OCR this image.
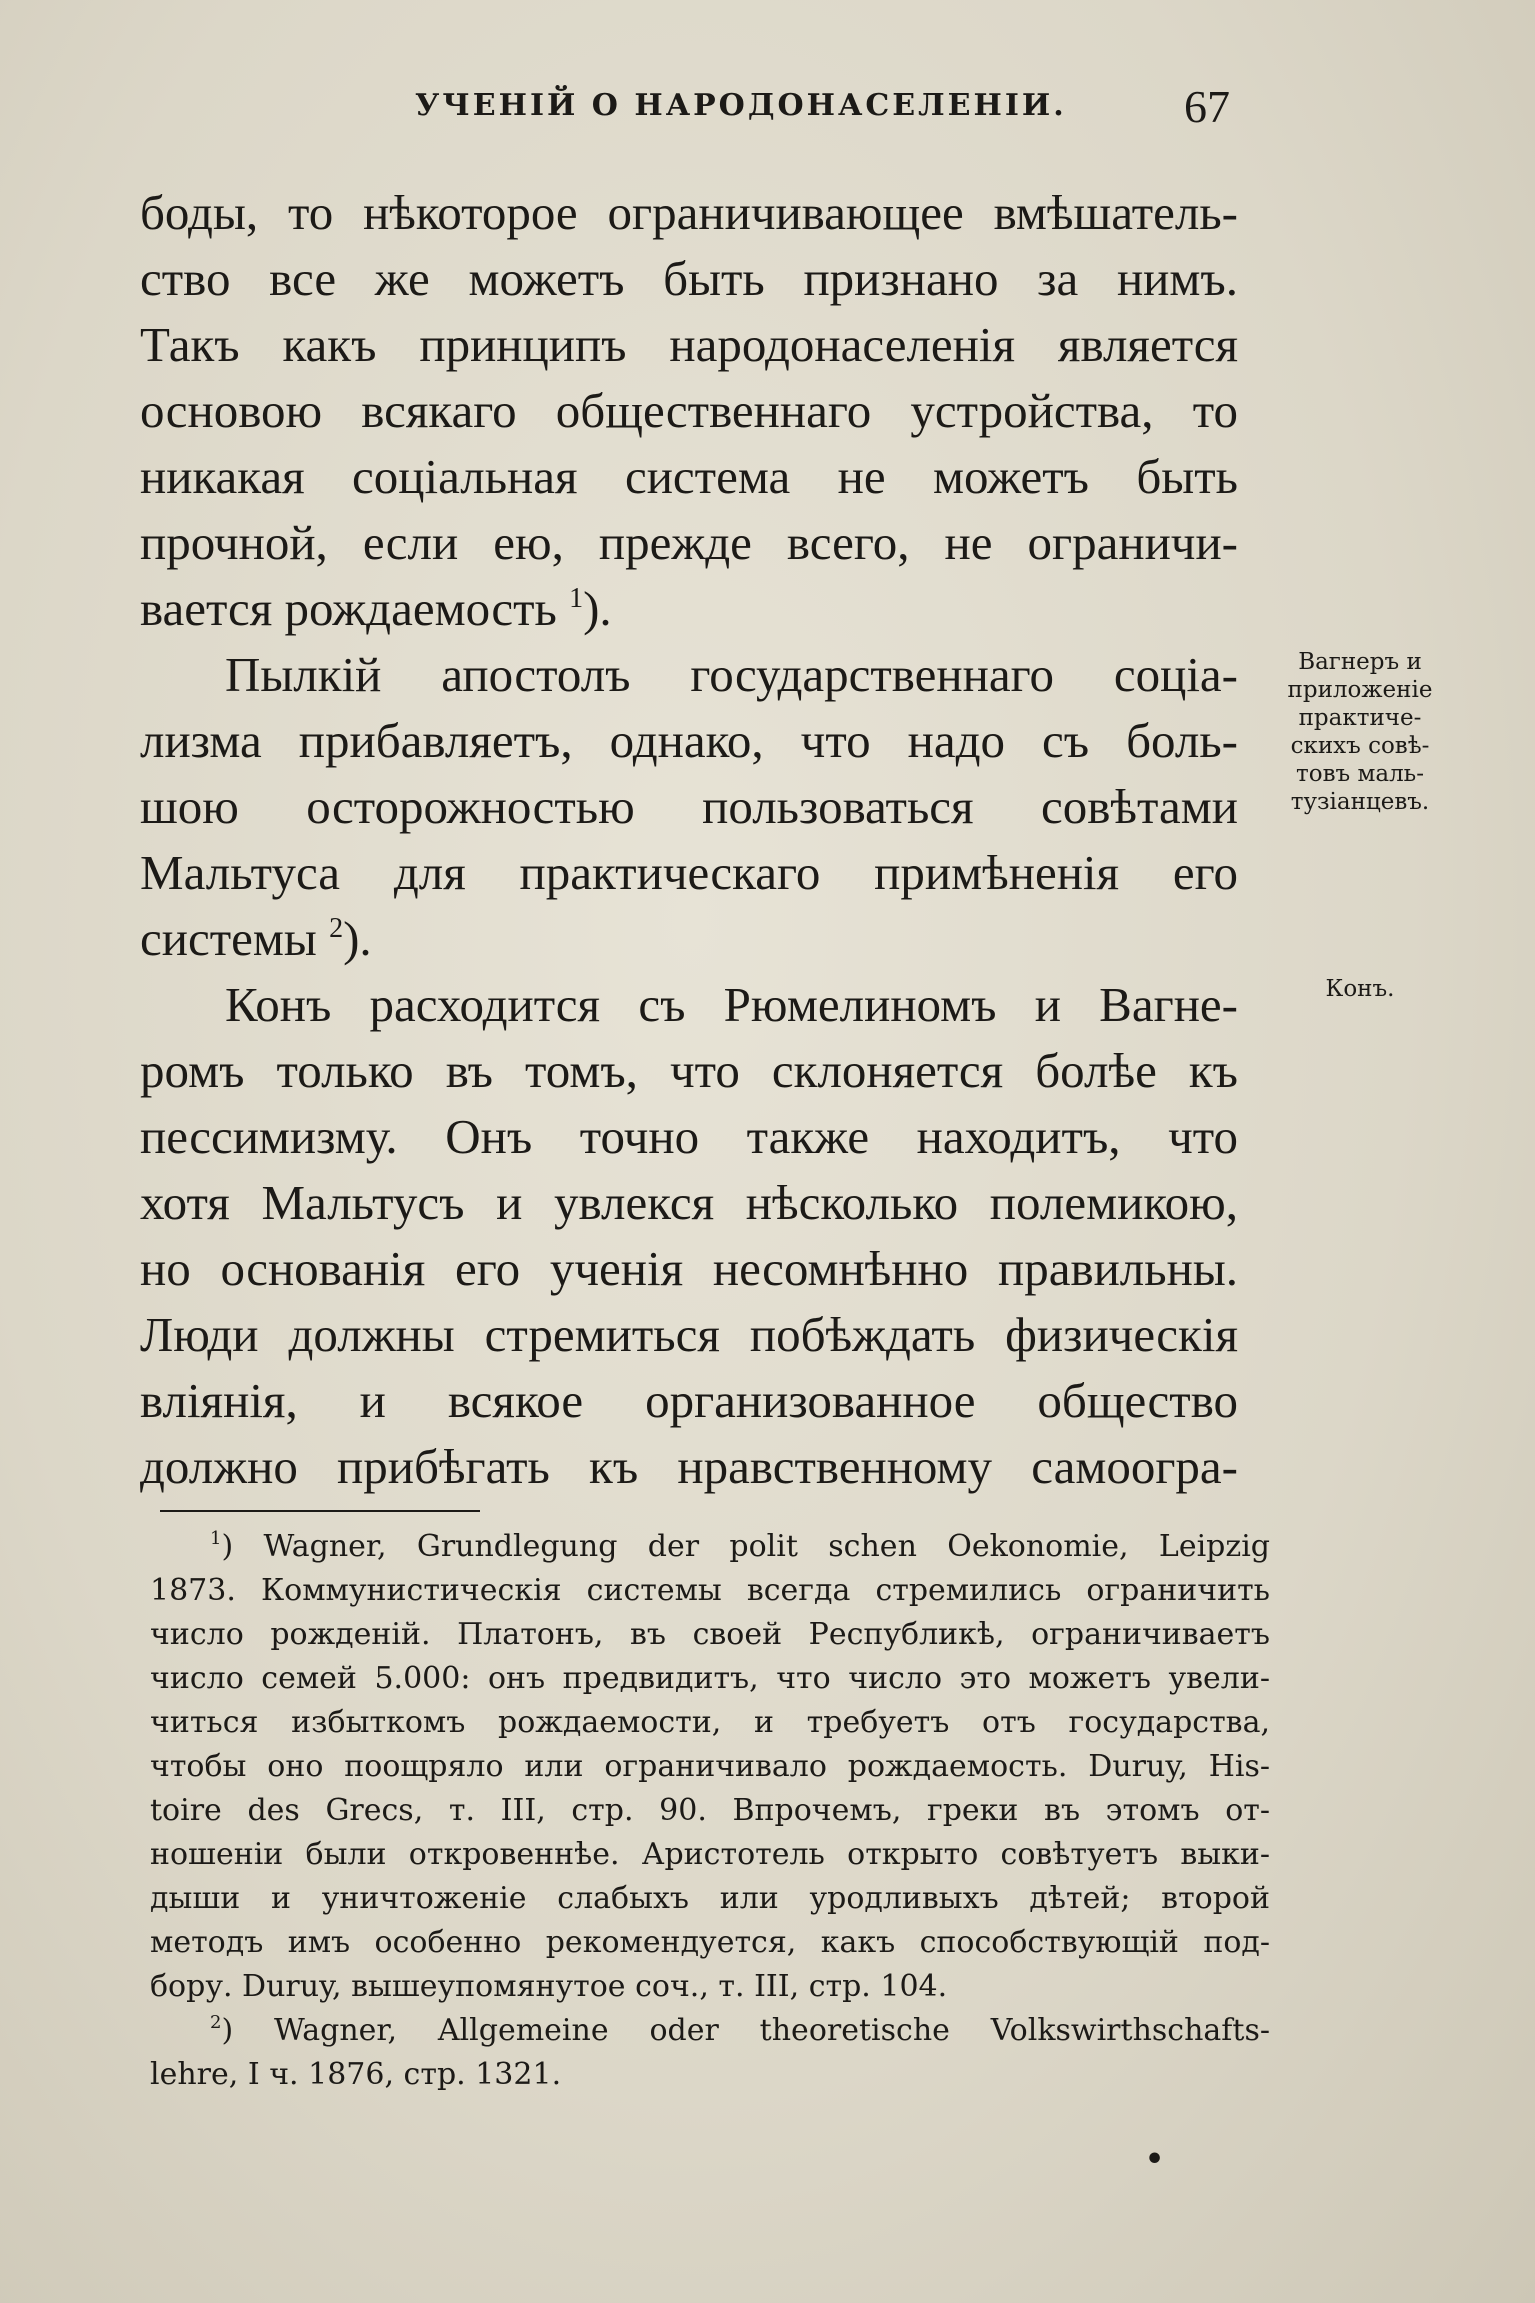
УЧЕНІЙ О НАРОДОНАСЕЛЕНІИ.	67
боды, то нѣкоторое ограничивающее вмѣшатель-
ство все же можетъ быть признано за нимъ.
Такъ какъ принципъ народонаселенія является
основою всякаго общественнаго устройства, то
никакая соціальная система не можетъ быть
прочной, если ею, прежде всего, не ограничи-
вается рождаемость $^1$).
Пылкій апостолъ государственнаго соціа-
лизма прибавляетъ, однако, что надо съ боль-
шою осторожностью пользоваться совѣтами
Мальтуса для практическаго примѣненія его
системы $^2$).
Конъ расходится съ Рюмелиномъ и Вагне-
ромъ только въ томъ, что склоняется болѣе къ
пессимизму. Онъ точно также находитъ, что
хотя Мальтусъ и увлекся нѣсколько полемикою,
но основанія его ученія несомнѣнно правильны.
Люди должны стремиться побѣждать физическія
вліянія, и всякое организованное общество
должно прибѣгать къ нравственному самоогра-
Вагнеръ и
приложеніе
практиче-
скихъ совѣ-
товъ маль-
тузіанцевъ.
Конъ.
$^1$) Wagner, Grundlegung der polit schen Oekonomie, Leipzig
1873. Коммунистическія системы всегда стремились ограничить
число рожденій. Платонъ, въ своей Республикѣ, ограничиваетъ
число семей 5.000: онъ предвидитъ, что число это можетъ увели-
читься избыткомъ рождаемости, и требуетъ отъ государства,
чтобы оно поощряло или ограничивало рождаемость. Duruy, His-
toire des Grecs, т. III, стр. 90. Впрочемъ, греки въ этомъ от-
ношеніи были откровеннѣе. Аристотель открыто совѣтуетъ выки-
дыши и уничтоженіе слабыхъ или уродливыхъ дѣтей; второй
методъ имъ особенно рекомендуется, какъ способствующій под-
бору. Duruy, вышеупомянутое соч., т. III, стр. 104.
$^2$) Wagner, Allgemeine oder theoretische Volkswirthschafts-
lehre, I ч. 1876, стр. 1321.
•
